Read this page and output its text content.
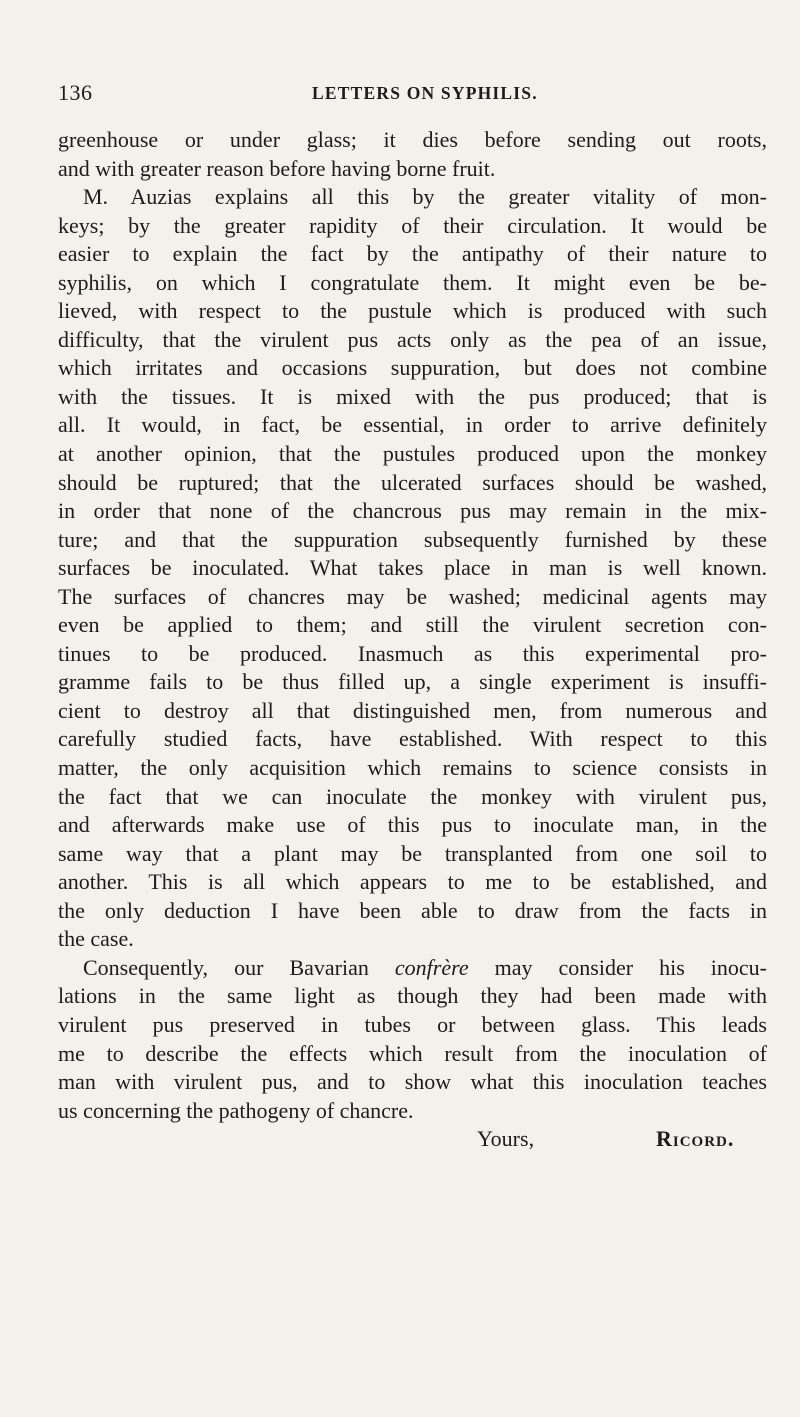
136	LETTERS ON SYPHILIS.
greenhouse or under glass; it dies before sending out roots,
and with greater reason before having borne fruit.
M. Auzias explains all this by the greater vitality of mon-
keys; by the greater rapidity of their circulation. It would be
easier to explain the fact by the antipathy of their nature to
syphilis, on which I congratulate them. It might even be be-
lieved, with respect to the pustule which is produced with such
difficulty, that the virulent pus acts only as the pea of an issue,
which irritates and occasions suppuration, but does not combine
with the tissues. It is mixed with the pus produced; that is
all. It would, in fact, be essential, in order to arrive definitely
at another opinion, that the pustules produced upon the monkey
should be ruptured; that the ulcerated surfaces should be washed,
in order that none of the chancrous pus may remain in the mix-
ture; and that the suppuration subsequently furnished by these
surfaces be inoculated. What takes place in man is well known.
The surfaces of chancres may be washed; medicinal agents may
even be applied to them; and still the virulent secretion con-
tinues to be produced. Inasmuch as this experimental pro-
gramme fails to be thus filled up, a single experiment is insuffi-
cient to destroy all that distinguished men, from numerous and
carefully studied facts, have established. With respect to this
matter, the only acquisition which remains to science consists in
the fact that we can inoculate the monkey with virulent pus,
and afterwards make use of this pus to inoculate man, in the
same way that a plant may be transplanted from one soil to
another. This is all which appears to me to be established, and
the only deduction I have been able to draw from the facts in
the case.
Consequently, our Bavarian confrère may consider his inocu-
lations in the same light as though they had been made with
virulent pus preserved in tubes or between glass. This leads
me to describe the effects which result from the inoculation of
man with virulent pus, and to show what this inoculation teaches
us concerning the pathogeny of chancre.
Yours,	Ricord.
